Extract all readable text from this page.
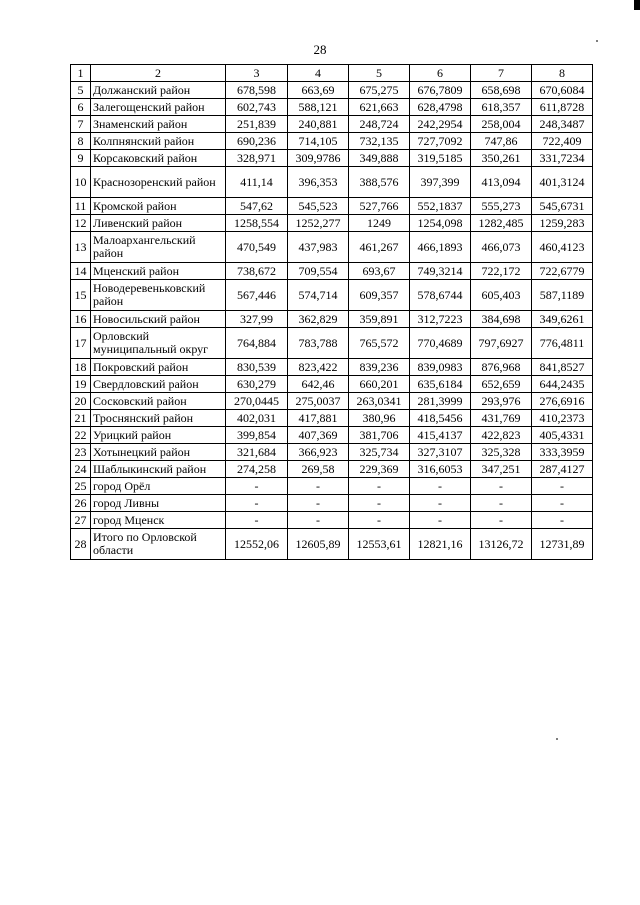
28
1	2	3	4	5	6	7	8
5	Должанский район	678,598	663,69	675,275	676,7809	658,698	670,6084
6	Залегощенский район	602,743	588,121	621,663	628,4798	618,357	611,8728
7	Знаменский район	251,839	240,881	248,724	242,2954	258,004	248,3487
8	Колпнянский район	690,236	714,105	732,135	727,7092	747,86	722,409
9	Корсаковский район	328,971	309,9786	349,888	319,5185	350,261	331,7234
10	Краснозоренский район	411,14	396,353	388,576	397,399	413,094	401,3124
11	Кромской район	547,62	545,523	527,766	552,1837	555,273	545,6731
12	Ливенский район	1258,554	1252,277	1249	1254,098	1282,485	1259,283
13	Малоархангельский район	470,549	437,983	461,267	466,1893	466,073	460,4123
14	Мценский район	738,672	709,554	693,67	749,3214	722,172	722,6779
15	Новодеревеньковский район	567,446	574,714	609,357	578,6744	605,403	587,1189
16	Новосильский район	327,99	362,829	359,891	312,7223	384,698	349,6261
17	Орловский муниципальный округ	764,884	783,788	765,572	770,4689	797,6927	776,4811
18	Покровский район	830,539	823,422	839,236	839,0983	876,968	841,8527
19	Свердловский район	630,279	642,46	660,201	635,6184	652,659	644,2435
20	Сосковский район	270,0445	275,0037	263,0341	281,3999	293,976	276,6916
21	Троснянский район	402,031	417,881	380,96	418,5456	431,769	410,2373
22	Урицкий район	399,854	407,369	381,706	415,4137	422,823	405,4331
23	Хотынецкий район	321,684	366,923	325,734	327,3107	325,328	333,3959
24	Шаблыкинский район	274,258	269,58	229,369	316,6053	347,251	287,4127
25	город Орёл	-	-	-	-	-	-
26	город Ливны	-	-	-	-	-	-
27	город Мценск	-	-	-	-	-	-
28	Итого по Орловской области	12552,06	12605,89	12553,61	12821,16	13126,72	12731,89
